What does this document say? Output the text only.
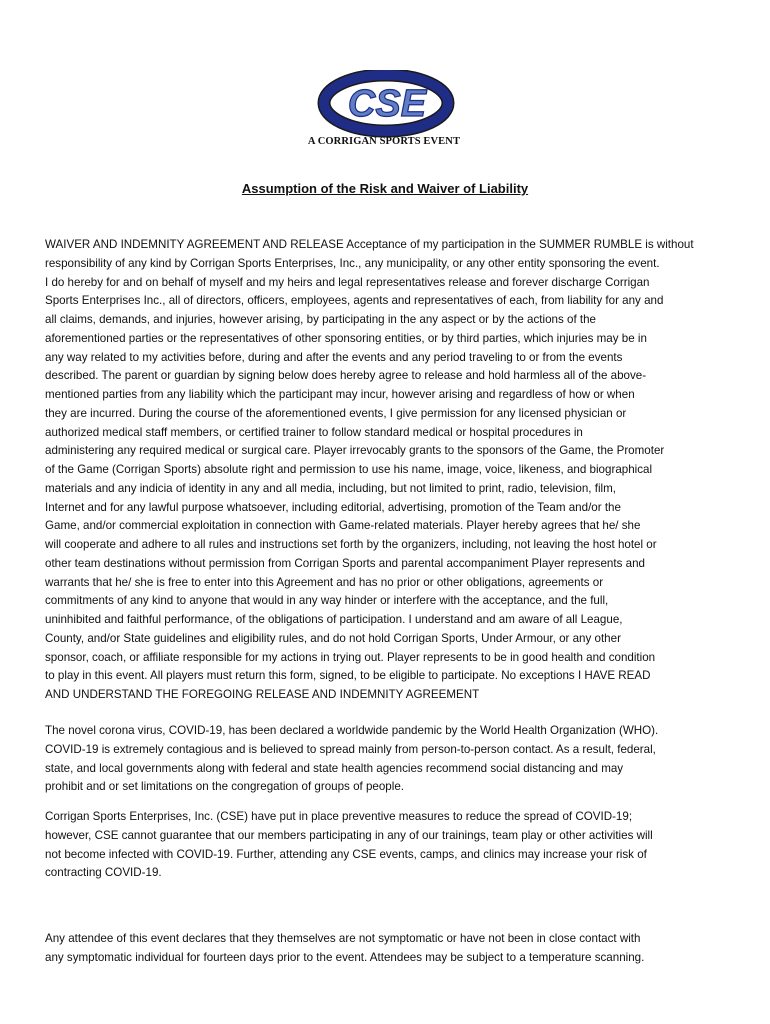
CSE
A CORRIGAN SPORTS EVENT
Assumption of the Risk and Waiver of Liability
WAIVER AND INDEMNITY AGREEMENT AND RELEASE Acceptance of my participation in the SUMMER RUMBLE is without
responsibility of any kind by Corrigan Sports Enterprises, Inc., any municipality, or any other entity sponsoring the event.
I do hereby for and on behalf of myself and my heirs and legal representatives release and forever discharge Corrigan
Sports Enterprises Inc., all of directors, officers, employees, agents and representatives of each, from liability for any and
all claims, demands, and injuries, however arising, by participating in the any aspect or by the actions of the
aforementioned parties or the representatives of other sponsoring entities, or by third parties, which injuries may be in
any way related to my activities before, during and after the events and any period traveling to or from the events
described. The parent or guardian by signing below does hereby agree to release and hold harmless all of the above-
mentioned parties from any liability which the participant may incur, however arising and regardless of how or when
they are incurred. During the course of the aforementioned events, I give permission for any licensed physician or
authorized medical staff members, or certified trainer to follow standard medical or hospital procedures in
administering any required medical or surgical care. Player irrevocably grants to the sponsors of the Game, the Promoter
of the Game (Corrigan Sports) absolute right and permission to use his name, image, voice, likeness, and biographical
materials and any indicia of identity in any and all media, including, but not limited to print, radio, television, film,
Internet and for any lawful purpose whatsoever, including editorial, advertising, promotion of the Team and/or the
Game, and/or commercial exploitation in connection with Game-related materials. Player hereby agrees that he/ she
will cooperate and adhere to all rules and instructions set forth by the organizers, including, not leaving the host hotel or
other team destinations without permission from Corrigan Sports and parental accompaniment Player represents and
warrants that he/ she is free to enter into this Agreement and has no prior or other obligations, agreements or
commitments of any kind to anyone that would in any way hinder or interfere with the acceptance, and the full,
uninhibited and faithful performance, of the obligations of participation. I understand and am aware of all League,
County, and/or State guidelines and eligibility rules, and do not hold Corrigan Sports, Under Armour, or any other
sponsor, coach, or affiliate responsible for my actions in trying out. Player represents to be in good health and condition
to play in this event. All players must return this form, signed, to be eligible to participate. No exceptions I HAVE READ
AND UNDERSTAND THE FOREGOING RELEASE AND INDEMNITY AGREEMENT
The novel corona virus, COVID-19, has been declared a worldwide pandemic by the World Health Organization (WHO).
COVID-19 is extremely contagious and is believed to spread mainly from person-to-person contact. As a result, federal,
state, and local governments along with federal and state health agencies recommend social distancing and may
prohibit and or set limitations on the congregation of groups of people.
Corrigan Sports Enterprises, Inc. (CSE) have put in place preventive measures to reduce the spread of COVID-19;
however, CSE cannot guarantee that our members participating in any of our trainings, team play or other activities will
not become infected with COVID-19. Further, attending any CSE events, camps, and clinics may increase your risk of
contracting COVID-19.
Any attendee of this event declares that they themselves are not symptomatic or have not been in close contact with
any symptomatic individual for fourteen days prior to the event. Attendees may be subject to a temperature scanning.
